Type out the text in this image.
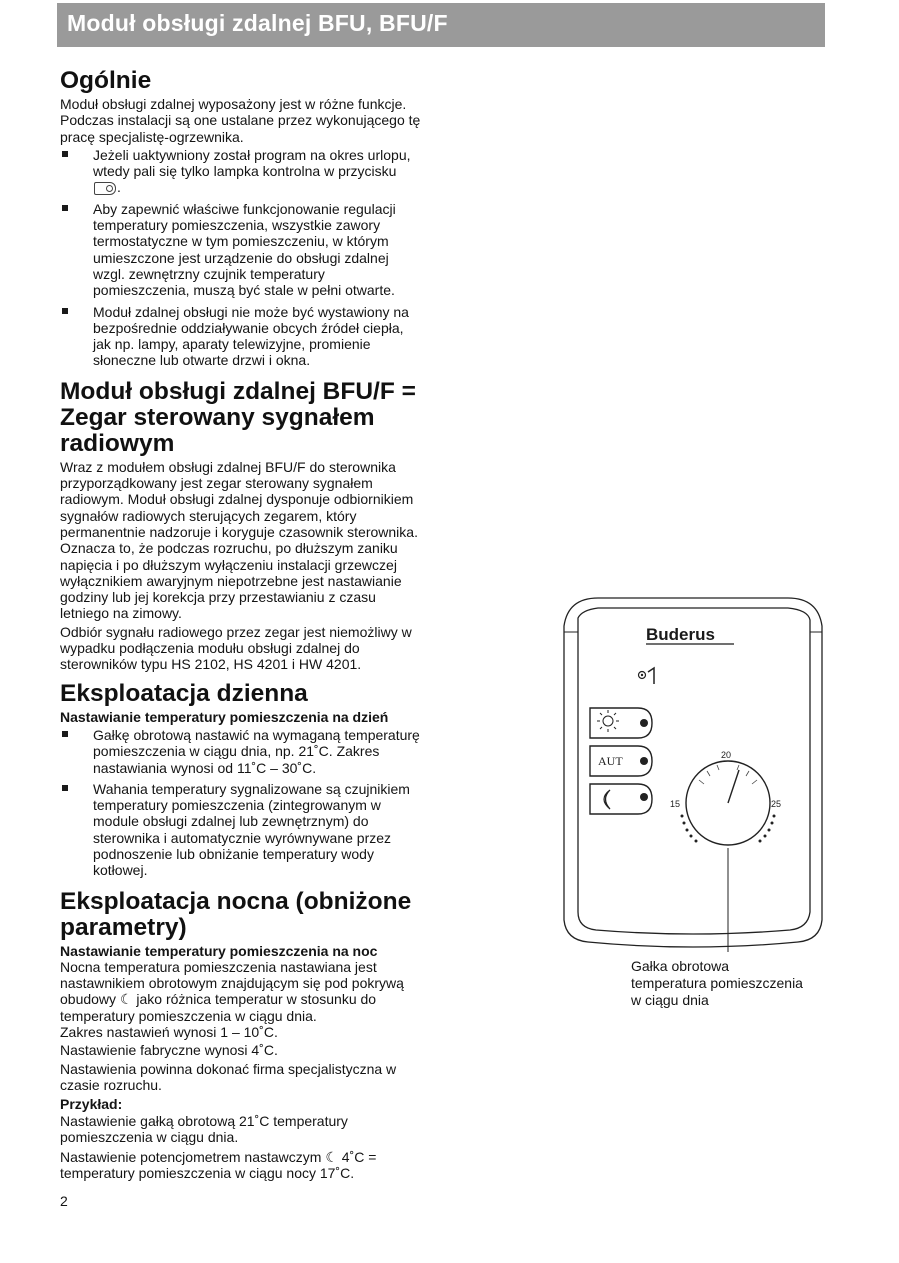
Moduł obsługi zdalnej BFU, BFU/F
Ogólnie

Moduł obsługi zdalnej wyposażony jest w różne funkcje. Podczas instalacji są one ustalane przez wykonującego tę pracę specjalistę-ogrzewnika.

Jeżeli uaktywniony został program na okres urlopu, wtedy pali się tylko lampka kontrolna w przycisku .
Aby zapewnić właściwe funkcjonowanie regulacji temperatury pomieszczenia, wszystkie zawory termostatyczne w tym pomieszczeniu, w którym umieszczone jest urządzenie do obsługi zdalnej wzgl. zewnętrzny czujnik temperatury pomieszczenia, muszą być stale w pełni otwarte.
Moduł zdalnej obsługi nie może być wystawiony na bezpośrednie oddziaływanie obcych źródeł ciepła, jak np. lampy, aparaty telewizyjne, promienie słoneczne lub otwarte drzwi i okna.
Moduł obsługi zdalnej BFU/F = Zegar sterowany sygnałem radiowym

Wraz z modułem obsługi zdalnej BFU/F do sterownika przyporządkowany jest zegar sterowany sygnałem radiowym. Moduł obsługi zdalnej dysponuje odbiornikiem sygnałów radiowych sterujących zegarem, który permanentnie nadzoruje i koryguje czasownik sterownika. Oznacza to, że podczas rozruchu, po dłuższym zaniku napięcia i po dłuższym wyłączeniu instalacji grzewczej wyłącznikiem awaryjnym niepotrzebne jest nastawianie godziny lub jej korekcja przy przestawianiu z czasu letniego na zimowy.

Odbiór sygnału radiowego przez zegar jest niemożliwy w wypadku podłączenia modułu obsługi zdalnej do sterowników typu HS 2102, HS 4201 i HW 4201.

Eksploatacja dzienna

Nastawianie temperatury pomieszczenia na dzień

Gałkę obrotową nastawić na wymaganą temperaturę pomieszczenia w ciągu dnia, np. 21˚C. Zakres nastawiania wynosi od 11˚C – 30˚C.
Wahania temperatury sygnalizowane są czujnikiem temperatury pomieszczenia (zintegrowanym w module obsługi zdalnej lub zewnętrznym) do sterownika i automatycznie wyrównywane przez podnoszenie lub obniżanie temperatury wody kotłowej.
Eksploatacja nocna (obniżone parametry)

Nastawianie temperatury pomieszczenia na noc

Nocna temperatura pomieszczenia nastawiana jest nastawnikiem obrotowym znajdującym się pod pokrywą obudowy ☾ jako różnica temperatur w stosunku do temperatury pomieszczenia w ciągu dnia.

Zakres nastawień wynosi 1 – 10˚C.

Nastawienie fabryczne wynosi 4˚C.

Nastawienia powinna dokonać firma specjalistyczna w czasie rozruchu.

Przykład:

Nastawienie gałką obrotową 21˚C temperatury pomieszczenia w ciągu dnia.

Nastawienie potencjometrem nastawczym ☾ 4˚C = temperatury pomieszczenia w ciągu nocy 17˚C.

2
Buderus
AUT	20
15	25

Gałka obrotowa

temperatura pomieszczenia

w ciągu dnia
